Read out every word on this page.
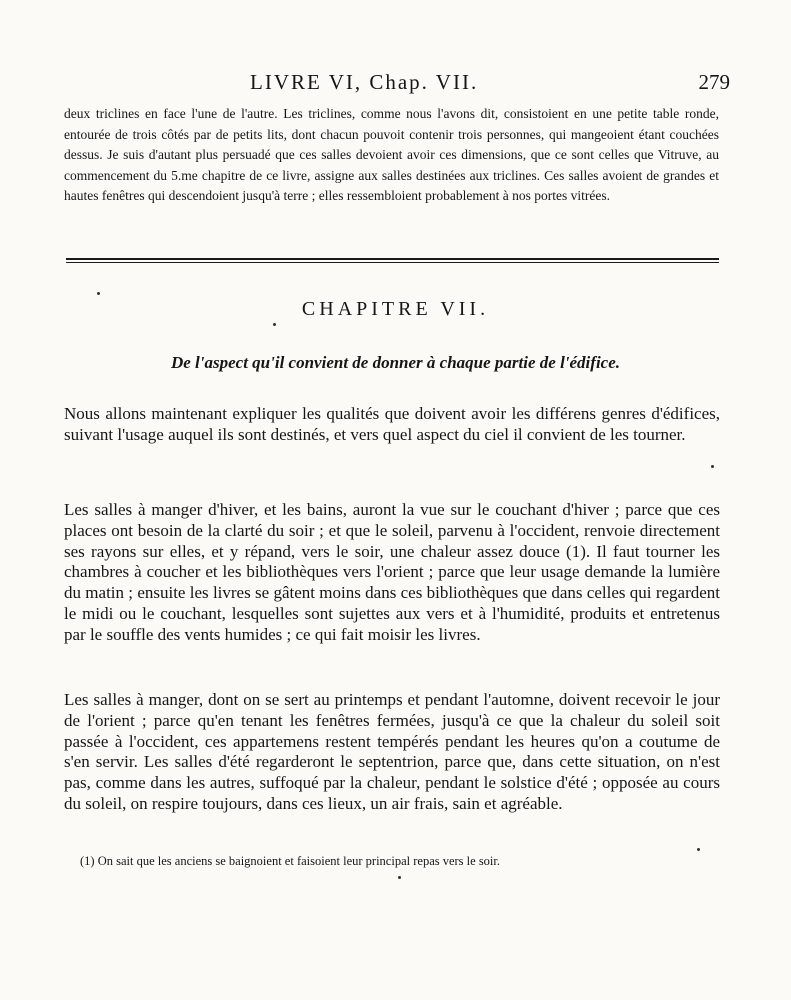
LIVRE VI, Chap. VII.	279
deux triclines en face l'une de l'autre. Les triclines, comme nous l'avons dit, consistoient en une petite table ronde, entourée de trois côtés par de petits lits, dont chacun pouvoit contenir trois personnes, qui mangeoient étant couchées dessus. Je suis d'autant plus persuadé que ces salles devoient avoir ces dimensions, que ce sont celles que Vitruve, au commencement du 5.me chapitre de ce livre, assigne aux salles destinées aux triclines. Ces salles avoient de grandes et hautes fenêtres qui descendoient jusqu'à terre ; elles ressembloient probablement à nos portes vitrées.
CHAPITRE VII.
De l'aspect qu'il convient de donner à chaque partie de l'édifice.
Nous allons maintenant expliquer les qualités que doivent avoir les différens genres d'édifices, suivant l'usage auquel ils sont destinés, et vers quel aspect du ciel il convient de les tourner.
Les salles à manger d'hiver, et les bains, auront la vue sur le couchant d'hiver ; parce que ces places ont besoin de la clarté du soir ; et que le soleil, parvenu à l'occident, renvoie directement ses rayons sur elles, et y répand, vers le soir, une chaleur assez douce (1). Il faut tourner les chambres à coucher et les bibliothèques vers l'orient ; parce que leur usage demande la lumière du matin ; ensuite les livres se gâtent moins dans ces bibliothèques que dans celles qui regardent le midi ou le couchant, lesquelles sont sujettes aux vers et à l'humidité, produits et entretenus par le souffle des vents humides ; ce qui fait moisir les livres.
Les salles à manger, dont on se sert au printemps et pendant l'automne, doivent recevoir le jour de l'orient ; parce qu'en tenant les fenêtres fermées, jusqu'à ce que la chaleur du soleil soit passée à l'occident, ces appartemens restent tempérés pendant les heures qu'on a coutume de s'en servir. Les salles d'été regarderont le septentrion, parce que, dans cette situation, on n'est pas, comme dans les autres, suffoqué par la chaleur, pendant le solstice d'été ; opposée au cours du soleil, on respire toujours, dans ces lieux, un air frais, sain et agréable.
(1) On sait que les anciens se baignoient et faisoient leur principal repas vers le soir.
